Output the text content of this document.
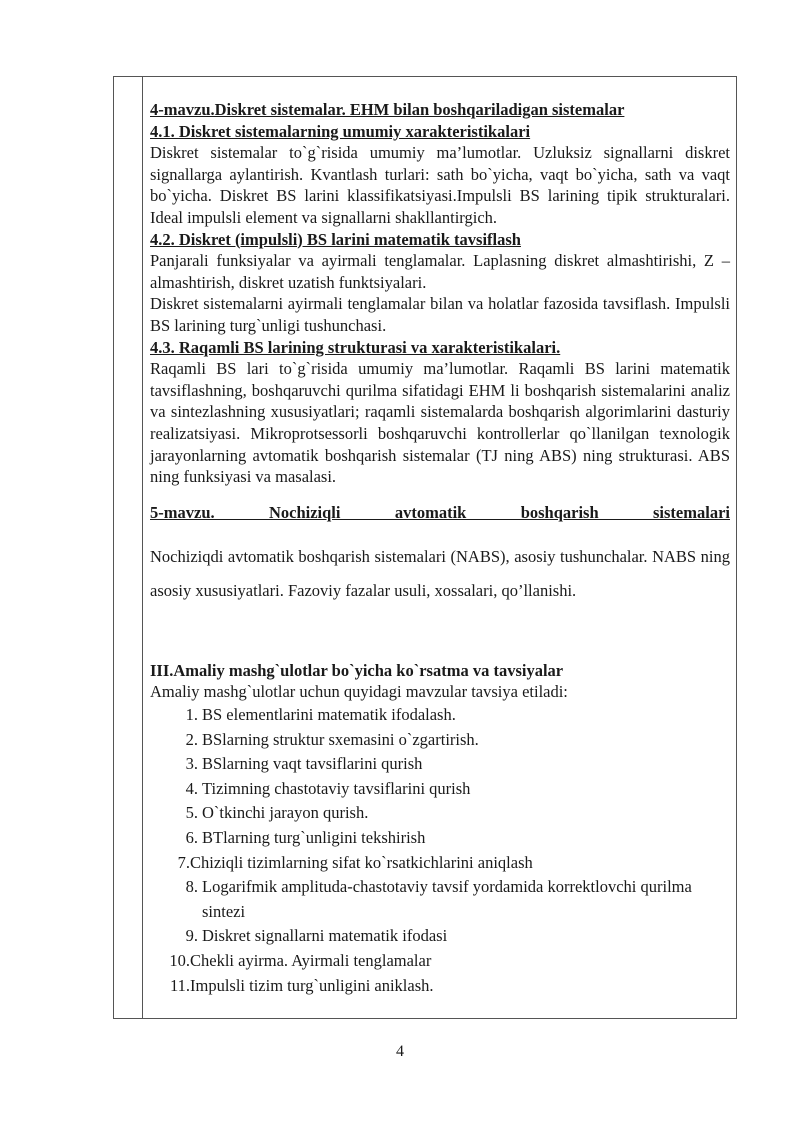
4-mavzu.Diskret sistemalar. EHM bilan boshqariladigan sistemalar

4.1. Diskret sistemalarning umumiy xarakteristikalari

Diskret sistemalar to`g`risida umumiy ma’lumotlar. Uzluksiz signallarni diskret signallarga aylantirish. Kvantlash turlari: sath bo`yicha, vaqt bo`yicha, sath va vaqt bo`yicha. Diskret BS larini klassifikatsiyasi.Impulsli BS larining tipik strukturalari. Ideal impulsli element va signallarni shakllantirgich.

4.2. Diskret (impulsli) BS larini matematik tavsiflash

Panjarali funksiyalar va ayirmali tenglamalar. Laplasning diskret almashtirishi, Z – almashtirish, diskret uzatish funktsiyalari.

Diskret sistemalarni ayirmali tenglamalar bilan va holatlar fazosida tavsiflash. Impulsli BS larining turg`unligi tushunchasi.

4.3. Raqamli BS larining strukturasi va xarakteristikalari.

Raqamli BS lari to`g`risida umumiy ma’lumotlar. Raqamli BS larini matematik tavsiflashning, boshqaruvchi qurilma sifatidagi EHM li boshqarish sistemalarini analiz va sintezlashning xususiyatlari; raqamli sistemalarda boshqarish algorimlarini dasturiy realizatsiyasi. Mikroprotsessorli boshqaruvchi kontrollerlar qo`llanilgan texnologik jarayonlarning avtomatik boshqarish sistemalar (TJ ning ABS) ning strukturasi. ABS ning funksiyasi va masalasi.

5-mavzu. Nochiziqli avtomatik boshqarish sistemalari

Nochiziqdi avtomatik boshqarish sistemalari (NABS), asosiy tushunchalar. NABS ning asosiy xususiyatlari. Fazoviy fazalar usuli, xossalari, qo’llanishi.

III.Amaliy mashg`ulotlar bo`yicha ko`rsatma va tavsiyalar

Amaliy mashg`ulotlar uchun quyidagi mavzular tavsiya etiladi:

1. BS elementlarini matematik ifodalash.
2. BSlarning struktur sxemasini o`zgartirish.
3. BSlarning vaqt tavsiflarini qurish
4. Tizimning chastotaviy tavsiflarini qurish
5. O`tkinchi jarayon qurish.
6. BTlarning turg`unligini tekshirish
7. Chiziqli tizimlarning sifat ko`rsatkichlarini aniqlash
8. Logarifmik amplituda-chastotaviy tavsif yordamida korrektlovchi qurilma sintezi
9. Diskret signallarni matematik ifodasi
10. Chekli ayirma. Ayirmali tenglamalar
11. Impulsli tizim turg`unligini aniklash.
4
